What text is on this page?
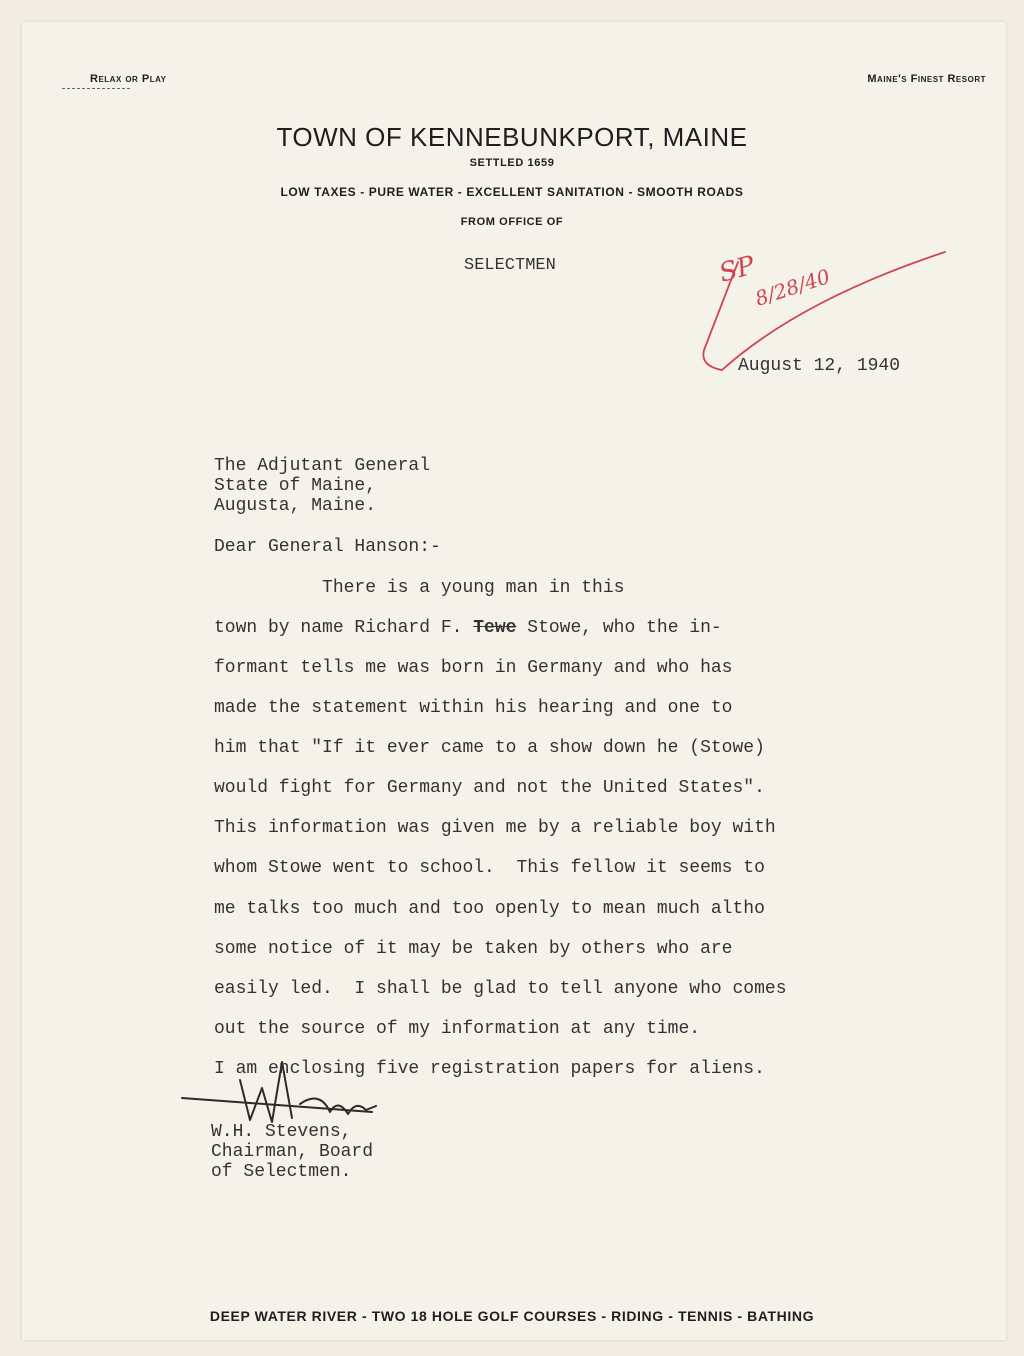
Relax or Play	Maine's Finest Resort
TOWN OF KENNEBUNKPORT, MAINE
SETTLED 1659
LOW TAXES - PURE WATER - EXCELLENT SANITATION - SMOOTH ROADS
FROM OFFICE OF
SELECTMEN	SP
8/28/40
August 12, 1940
The Adjutant General
State of Maine,
Augusta, Maine.
Dear General Hanson:-
There is a young man in this
town by name Richard F. Tewe Stowe, who the in-
formant tells me was born in Germany and who has
made the statement within his hearing and one to
him that "If it ever came to a show down he (Stowe)
would fight for Germany and not the United States".
This information was given me by a reliable boy with
whom Stowe went to school.  This fellow it seems to
me talks too much and too openly to mean much altho
some notice of it may be taken by others who are
easily led.  I shall be glad to tell anyone who comes
out the source of my information at any time.
I am enclosing five registration papers for aliens.
W.H. Stevens,
Chairman, Board
of Selectmen.
DEEP WATER RIVER - TWO 18 HOLE GOLF COURSES - RIDING - TENNIS - BATHING
